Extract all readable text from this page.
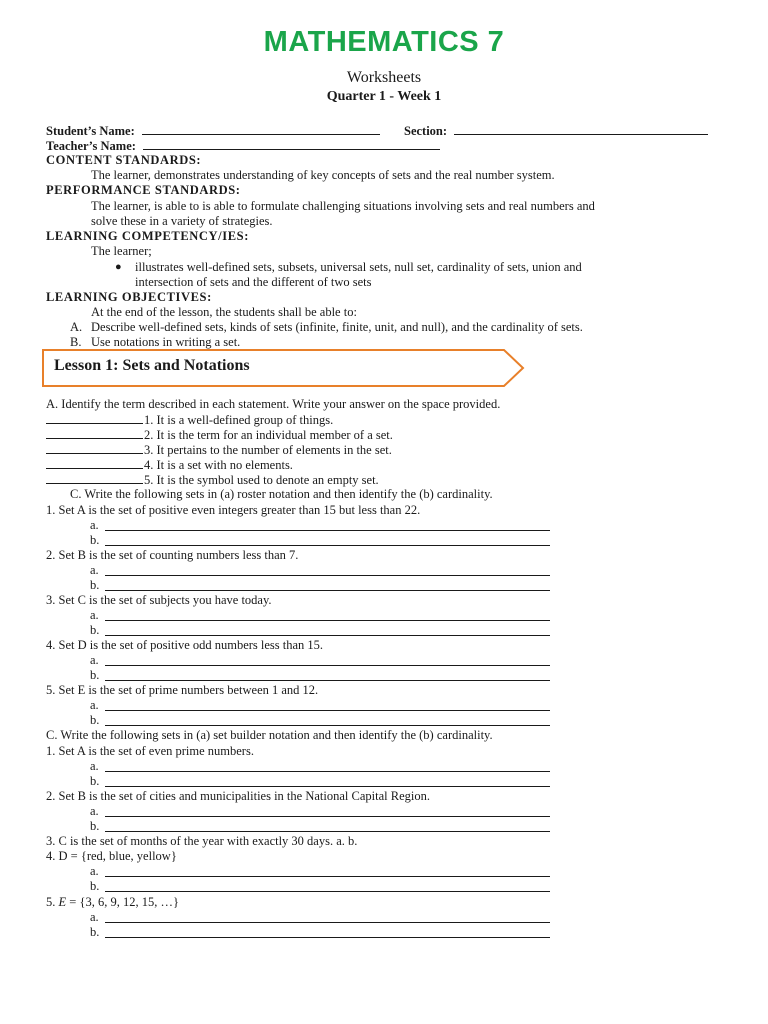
MATHEMATICS 7
Worksheets
Quarter 1 - Week 1
Student’s Name:	Section:
Teacher’s Name:
CONTENT STANDARDS:
The learner, demonstrates understanding of key concepts of sets and the real number system.
PERFORMANCE STANDARDS:
The learner, is able to is able to formulate challenging situations involving sets and real numbers and
solve these in a variety of strategies.
LEARNING COMPETENCY/IES:
The learner;
● illustrates well-defined sets, subsets, universal sets, null set, cardinality of sets, union and
intersection of sets and the different of two sets
LEARNING OBJECTIVES:
At the end of the lesson, the students shall be able to:
A. Describe well-defined sets, kinds of sets (infinite, finite, unit, and null), and the cardinality of sets.
B. Use notations in writing a set.
Lesson 1: Sets and Notations
A. Identify the term described in each statement. Write your answer on the space provided.
1. It is a well-defined group of things.
2. It is the term for an individual member of a set.
3. It pertains to the number of elements in the set.
4. It is a set with no elements.
5. It is the symbol used to denote an empty set.
C. Write the following sets in (a) roster notation and then identify the (b) cardinality.
1. Set A is the set of positive even integers greater than 15 but less than 22.
a.
b.
2. Set B is the set of counting numbers less than 7.
a.
b.
3. Set C is the set of subjects you have today.
a.
b.
4. Set D is the set of positive odd numbers less than 15.
a.
b.
5. Set E is the set of prime numbers between 1 and 12.
a.
b.
C. Write the following sets in (a) set builder notation and then identify the (b) cardinality.
1. Set A is the set of even prime numbers.
a.
b.
2. Set B is the set of cities and municipalities in the National Capital Region.
a.
b.
3. C is the set of months of the year with exactly 30 days. a. b.
4. D = {red, blue, yellow}
a.
b.
5. E = {3, 6, 9, 12, 15, …}
a.
b.
